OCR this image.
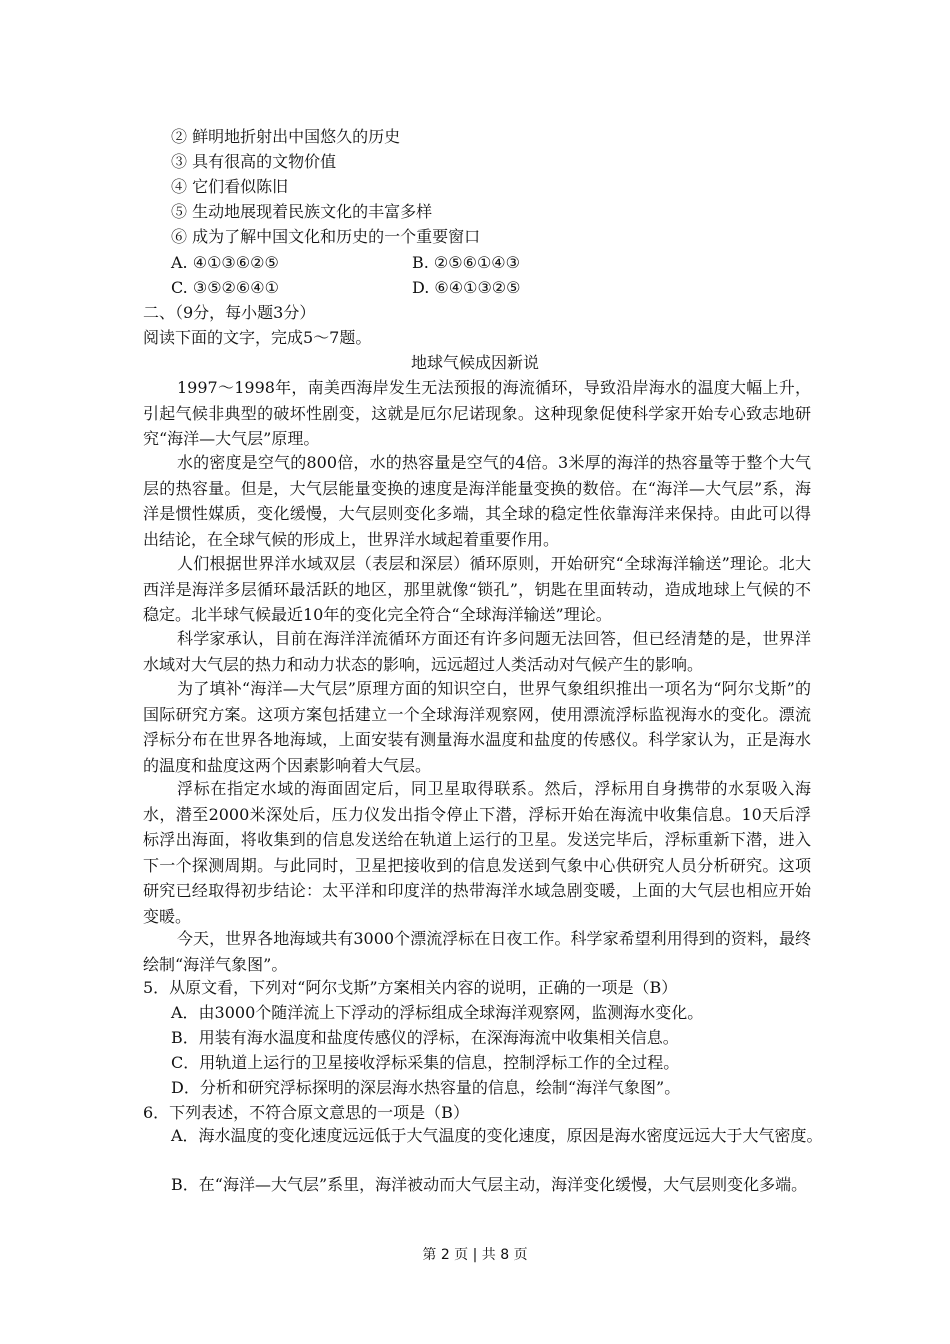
② 鲜明地折射出中国悠久的历史
③ 具有很高的文物价值
④ 它们看似陈旧
⑤ 生动地展现着民族文化的丰富多样
⑥ 成为了解中国文化和历史的一个重要窗口
A. ④①③⑥②⑤	B. ②⑤⑥①④③
C. ③⑤②⑥④①	D. ⑥④①③②⑤
二、（9分，每小题3分）
阅读下面的文字，完成5～7题。
地球气候成因新说
1997～1998年，南美西海岸发生无法预报的海流循环，导致沿岸海水的温度大幅上升，引起气候非典型的破坏性剧变，这就是厄尔尼诺现象。这种现象促使科学家开始专心致志地研究“海洋—大气层”原理。
水的密度是空气的800倍，水的热容量是空气的4倍。3米厚的海洋的热容量等于整个大气层的热容量。但是，大气层能量变换的速度是海洋能量变换的数倍。在“海洋—大气层”系，海洋是惯性媒质，变化缓慢，大气层则变化多端，其全球的稳定性依靠海洋来保持。由此可以得出结论，在全球气候的形成上，世界洋水域起着重要作用。
人们根据世界洋水域双层（表层和深层）循环原则，开始研究“全球海洋输送”理论。北大西洋是海洋多层循环最活跃的地区，那里就像“锁孔”，钥匙在里面转动，造成地球上气候的不稳定。北半球气候最近10年的变化完全符合“全球海洋输送”理论。
科学家承认，目前在海洋洋流循环方面还有许多问题无法回答，但已经清楚的是，世界洋水域对大气层的热力和动力状态的影响，远远超过人类活动对气候产生的影响。
为了填补“海洋—大气层”原理方面的知识空白，世界气象组织推出一项名为“阿尔戈斯”的国际研究方案。这项方案包括建立一个全球海洋观察网，使用漂流浮标监视海水的变化。漂流浮标分布在世界各地海域，上面安装有测量海水温度和盐度的传感仪。科学家认为，正是海水的温度和盐度这两个因素影响着大气层。
浮标在指定水域的海面固定后，同卫星取得联系。然后，浮标用自身携带的水泵吸入海水，潜至2000米深处后，压力仪发出指令停止下潜，浮标开始在海流中收集信息。10天后浮标浮出海面，将收集到的信息发送给在轨道上运行的卫星。发送完毕后，浮标重新下潜，进入下一个探测周期。与此同时，卫星把接收到的信息发送到气象中心供研究人员分析研究。这项研究已经取得初步结论：太平洋和印度洋的热带海洋水域急剧变暖，上面的大气层也相应开始变暖。
今天，世界各地海域共有3000个漂流浮标在日夜工作。科学家希望利用得到的资料，最终绘制“海洋气象图”。
5．从原文看，下列对“阿尔戈斯”方案相关内容的说明，正确的一项是（B）
A．由3000个随洋流上下浮动的浮标组成全球海洋观察网，监测海水变化。
B．用装有海水温度和盐度传感仪的浮标，在深海海流中收集相关信息。
C．用轨道上运行的卫星接收浮标采集的信息，控制浮标工作的全过程。
D．分析和研究浮标探明的深层海水热容量的信息，绘制“海洋气象图”。
6．下列表述，不符合原文意思的一项是（B）
A．海水温度的变化速度远远低于大气温度的变化速度，原因是海水密度远远大于大气密度。
B．在“海洋—大气层”系里，海洋被动而大气层主动，海洋变化缓慢，大气层则变化多端。
第 2 页 | 共 8 页
